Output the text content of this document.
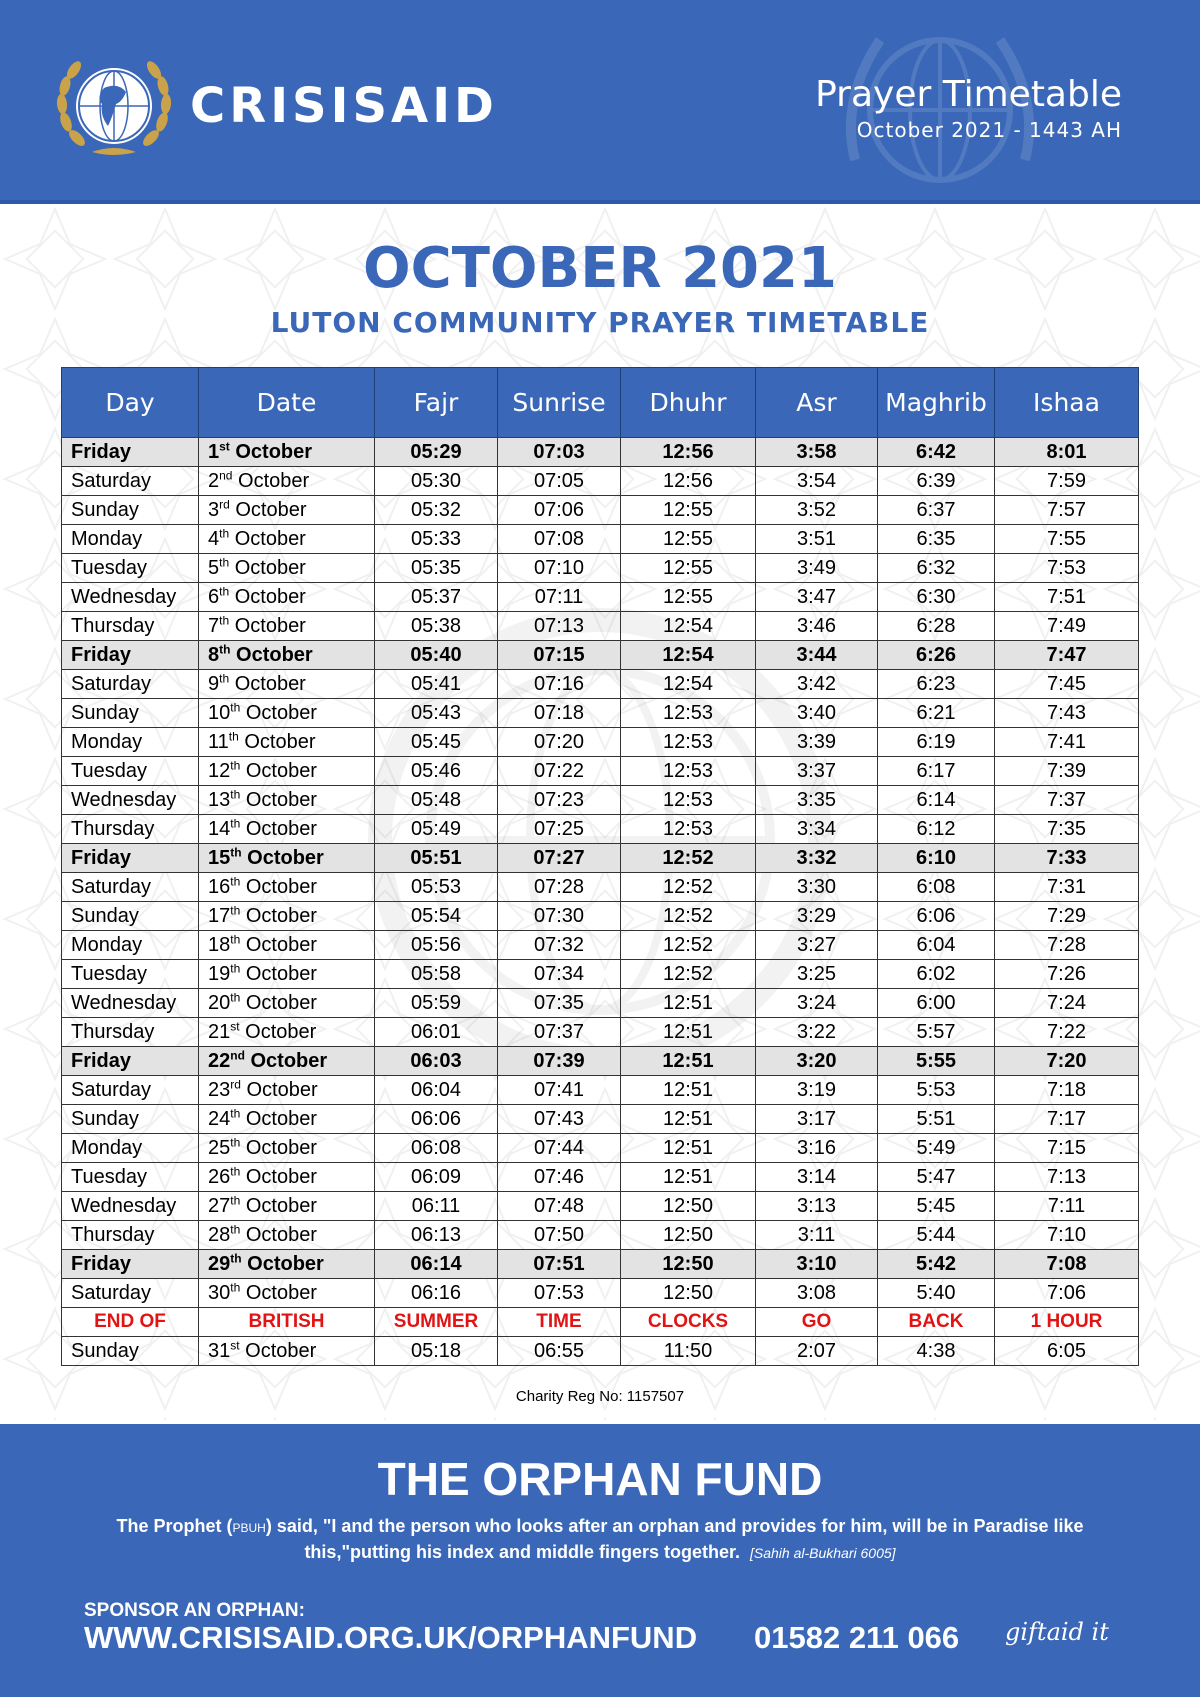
CRISISAID	Prayer Timetable
October 2021 - 1443 AH
OCTOBER 2021
LUTON COMMUNITY PRAYER TIMETABLE
Day	Date	Fajr	Sunrise	Dhuhr	Asr	Maghrib	Ishaa
Friday	1st October	05:29	07:03	12:56	3:58	6:42	8:01
Saturday	2nd October	05:30	07:05	12:56	3:54	6:39	7:59
Sunday	3rd October	05:32	07:06	12:55	3:52	6:37	7:57
Monday	4th October	05:33	07:08	12:55	3:51	6:35	7:55
Tuesday	5th October	05:35	07:10	12:55	3:49	6:32	7:53
Wednesday	6th October	05:37	07:11	12:55	3:47	6:30	7:51
Thursday	7th October	05:38	07:13	12:54	3:46	6:28	7:49
Friday	8th October	05:40	07:15	12:54	3:44	6:26	7:47
Saturday	9th October	05:41	07:16	12:54	3:42	6:23	7:45
Sunday	10th October	05:43	07:18	12:53	3:40	6:21	7:43
Monday	11th October	05:45	07:20	12:53	3:39	6:19	7:41
Tuesday	12th October	05:46	07:22	12:53	3:37	6:17	7:39
Wednesday	13th October	05:48	07:23	12:53	3:35	6:14	7:37
Thursday	14th October	05:49	07:25	12:53	3:34	6:12	7:35
Friday	15th October	05:51	07:27	12:52	3:32	6:10	7:33
Saturday	16th October	05:53	07:28	12:52	3:30	6:08	7:31
Sunday	17th October	05:54	07:30	12:52	3:29	6:06	7:29
Monday	18th October	05:56	07:32	12:52	3:27	6:04	7:28
Tuesday	19th October	05:58	07:34	12:52	3:25	6:02	7:26
Wednesday	20th October	05:59	07:35	12:51	3:24	6:00	7:24
Thursday	21st October	06:01	07:37	12:51	3:22	5:57	7:22
Friday	22nd October	06:03	07:39	12:51	3:20	5:55	7:20
Saturday	23rd October	06:04	07:41	12:51	3:19	5:53	7:18
Sunday	24th October	06:06	07:43	12:51	3:17	5:51	7:17
Monday	25th October	06:08	07:44	12:51	3:16	5:49	7:15
Tuesday	26th October	06:09	07:46	12:51	3:14	5:47	7:13
Wednesday	27th October	06:11	07:48	12:50	3:13	5:45	7:11
Thursday	28th October	06:13	07:50	12:50	3:11	5:44	7:10
Friday	29th October	06:14	07:51	12:50	3:10	5:42	7:08
Saturday	30th October	06:16	07:53	12:50	3:08	5:40	7:06
END OF	BRITISH	SUMMER	TIME	CLOCKS	GO	BACK	1 HOUR
Sunday	31st October	05:18	06:55	11:50	2:07	4:38	6:05
Charity Reg No: 1157507
THE ORPHAN FUND
The Prophet (PBUH) said, "I and the person who looks after an orphan and provides for him, will be in Paradise like
this,"putting his index and middle fingers together. [Sahih al-Bukhari 6005]
SPONSOR AN ORPHAN:
WWW.CRISISAID.ORG.UK/ORPHANFUND 01582 211 066 giftaid it
